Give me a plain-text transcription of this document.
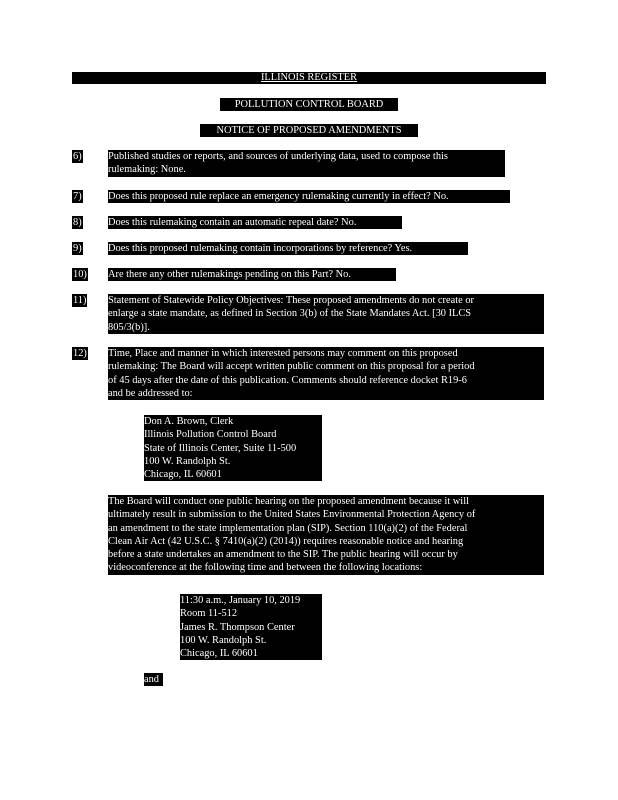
ILLINOIS REGISTER
POLLUTION CONTROL BOARD
NOTICE OF PROPOSED AMENDMENTS
6)	Published studies or reports, and sources of underlying data, used to compose this
rulemaking: None.
7)	Does this proposed rule replace an emergency rulemaking currently in effect? No.
8)	Does this rulemaking contain an automatic repeal date? No.
9)	Does this proposed rulemaking contain incorporations by reference? Yes.
10) Are there any other rulemakings pending on this Part? No.
11) Statement of Statewide Policy Objectives: These proposed amendments do not create or
enlarge a state mandate, as defined in Section 3(b) of the State Mandates Act. [30 ILCS
805/3(b)].
12) Time, Place and manner in which interested persons may comment on this proposed
rulemaking: The Board will accept written public comment on this proposal for a period
of 45 days after the date of this publication. Comments should reference docket R19-6
and be addressed to:
Don A. Brown, Clerk
Illinois Pollution Control Board
State of Illinois Center, Suite 11-500
100 W. Randolph St.
Chicago, IL 60601
The Board will conduct one public hearing on the proposed amendment because it will
ultimately result in submission to the United States Environmental Protection Agency of
an amendment to the state implementation plan (SIP). Section 110(a)(2) of the Federal
Clean Air Act (42 U.S.C. § 7410(a)(2) (2014)) requires reasonable notice and hearing
before a state undertakes an amendment to the SIP. The public hearing will occur by
videoconference at the following time and between the following locations:
11:30 a.m., January 10, 2019
Room 11-512
James R. Thompson Center
100 W. Randolph St.
Chicago, IL 60601
and
